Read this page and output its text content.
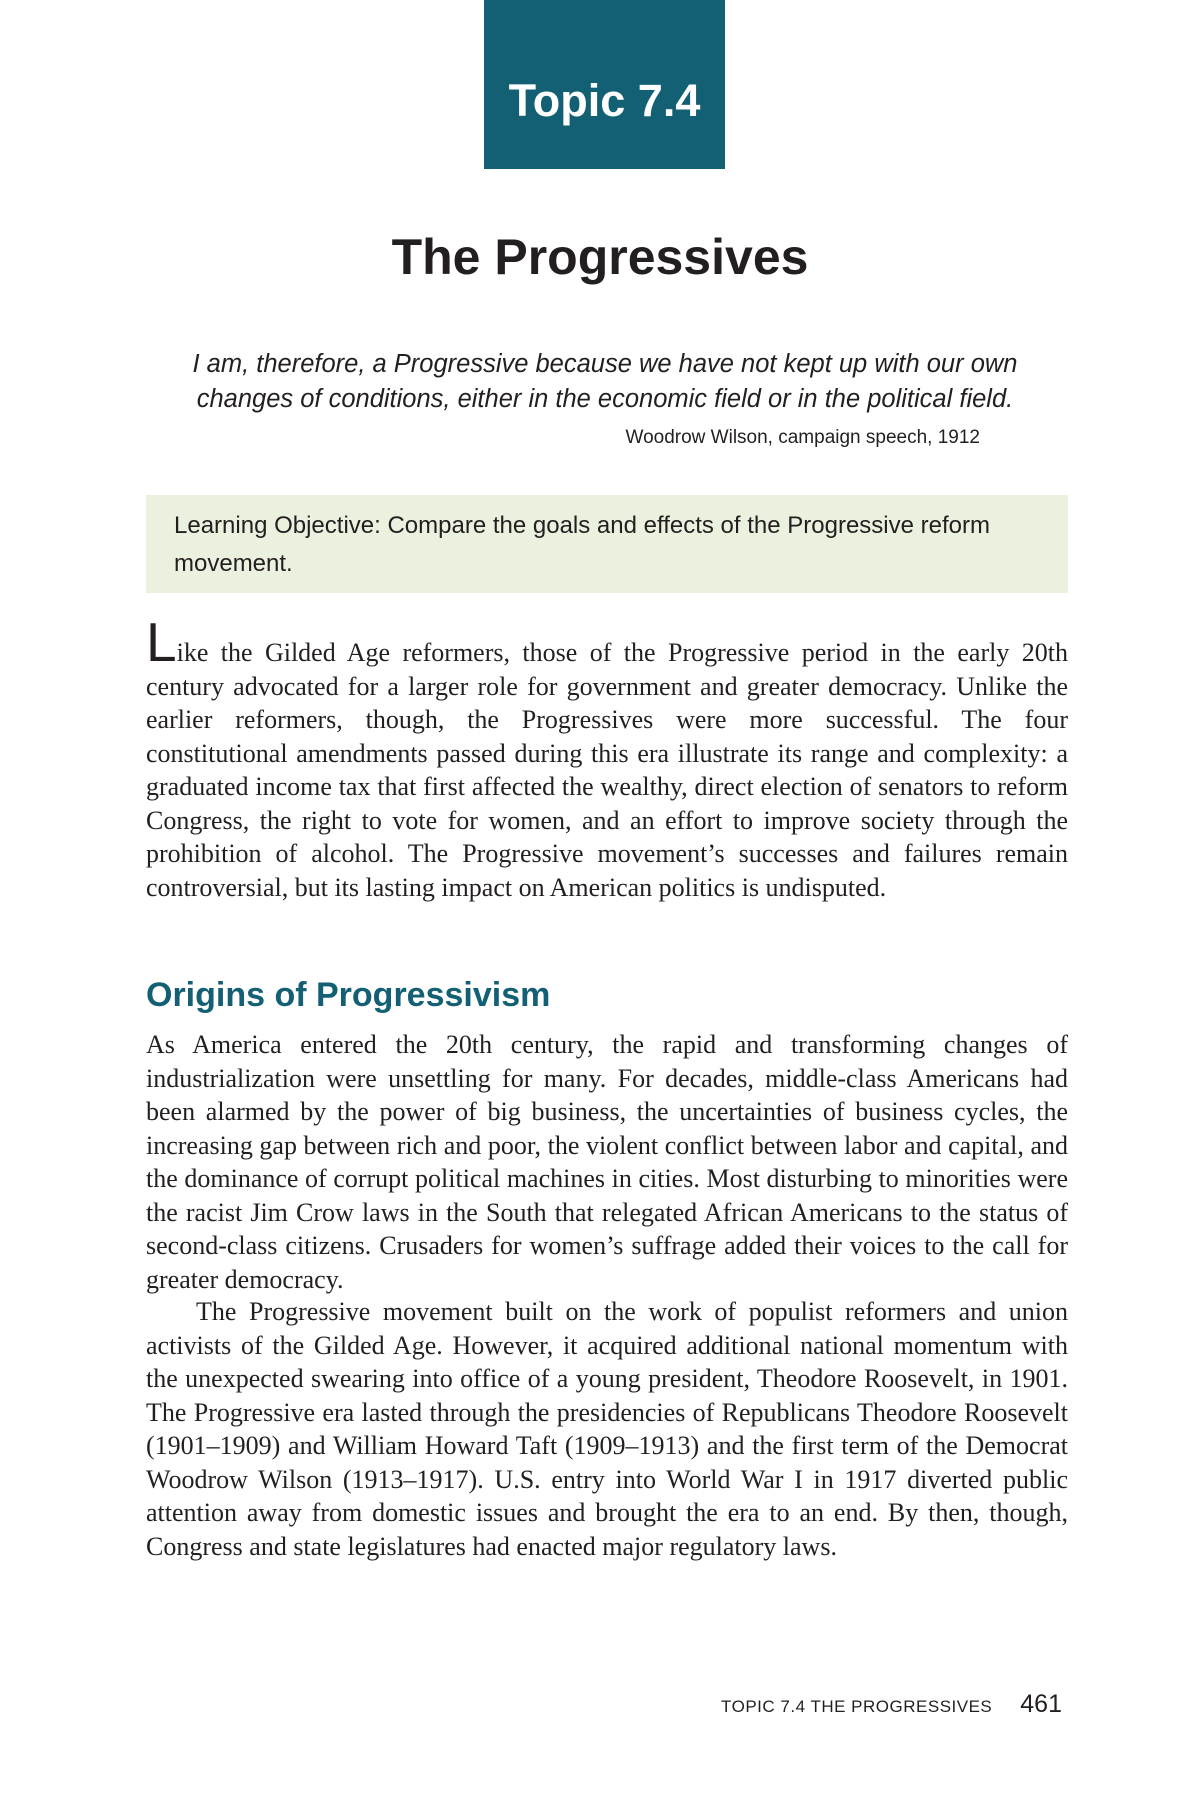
Topic 7.4
The Progressives

I am, therefore, a Progressive because we have not kept up with our own changes of conditions, either in the economic field or in the political field.

Woodrow Wilson, campaign speech, 1912

Learning Objective: Compare the goals and effects of the Progressive reform movement.

Like the Gilded Age reformers, those of the Progressive period in the early 20th century advocated for a larger role for government and greater democracy. Unlike the earlier reformers, though, the Progressives were more successful. The four constitutional amendments passed during this era illustrate its range and complexity: a graduated income tax that first affected the wealthy, direct election of senators to reform Congress, the right to vote for women, and an effort to improve society through the prohibition of alcohol. The Progressive movement’s successes and failures remain controversial, but its lasting impact on American politics is undisputed.

Origins of Progressivism

As America entered the 20th century, the rapid and transforming changes of industrialization were unsettling for many. For decades, middle-class Americans had been alarmed by the power of big business, the uncertainties of business cycles, the increasing gap between rich and poor, the violent conflict between labor and capital, and the dominance of corrupt political machines in cities. Most disturbing to minorities were the racist Jim Crow laws in the South that relegated African Americans to the status of second-class citizens. Crusaders for women’s suffrage added their voices to the call for greater democracy.

The Progressive movement built on the work of populist reformers and union activists of the Gilded Age. However, it acquired additional national momentum with the unexpected swearing into office of a young president, Theodore Roosevelt, in 1901. The Progressive era lasted through the presidencies of Republicans Theodore Roosevelt (1901–1909) and William Howard Taft (1909–1913) and the first term of the Democrat Woodrow Wilson (1913–1917). U.S. entry into World War I in 1917 diverted public attention away from domestic issues and brought the era to an end. By then, though, Congress and state legislatures had enacted major regulatory laws.

TOPIC 7.4 THE PROGRESSIVES 461
